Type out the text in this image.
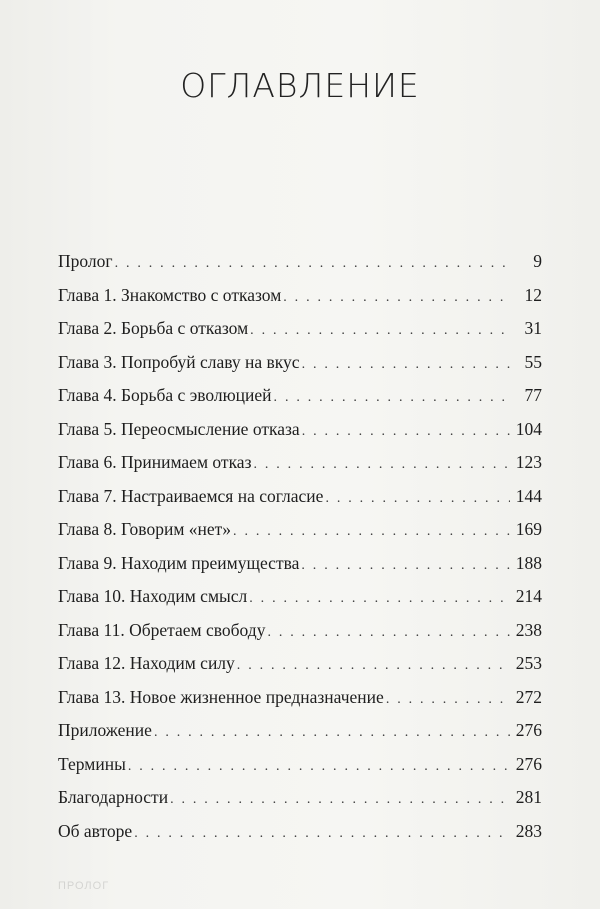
ОГЛАВЛЕНИЕ
Пролог . . .	9
Глава 1. Знакомство с отказом . . .	12
Глава 2. Борьба с отказом . . .	31
Глава 3. Попробуй славу на вкус . . .	55
Глава 4. Борьба с эволюцией . . .	77
Глава 5. Переосмысление отказа . . .	104
Глава 6. Принимаем отказ . . .	123
Глава 7. Настраиваемся на согласие . . .	144
Глава 8. Говорим «нет» . . .	169
Глава 9. Находим преимущества . . .	188
Глава 10. Находим смысл . . .	214
Глава 11. Обретаем свободу . . .	238
Глава 12. Находим силу . . .	253
Глава 13. Новое жизненное предназначение . . .	272
Приложение . . .	276
Термины . . .	276
Благодарности . . .	281
Об авторе . . .	283
ПРОЛОГ
